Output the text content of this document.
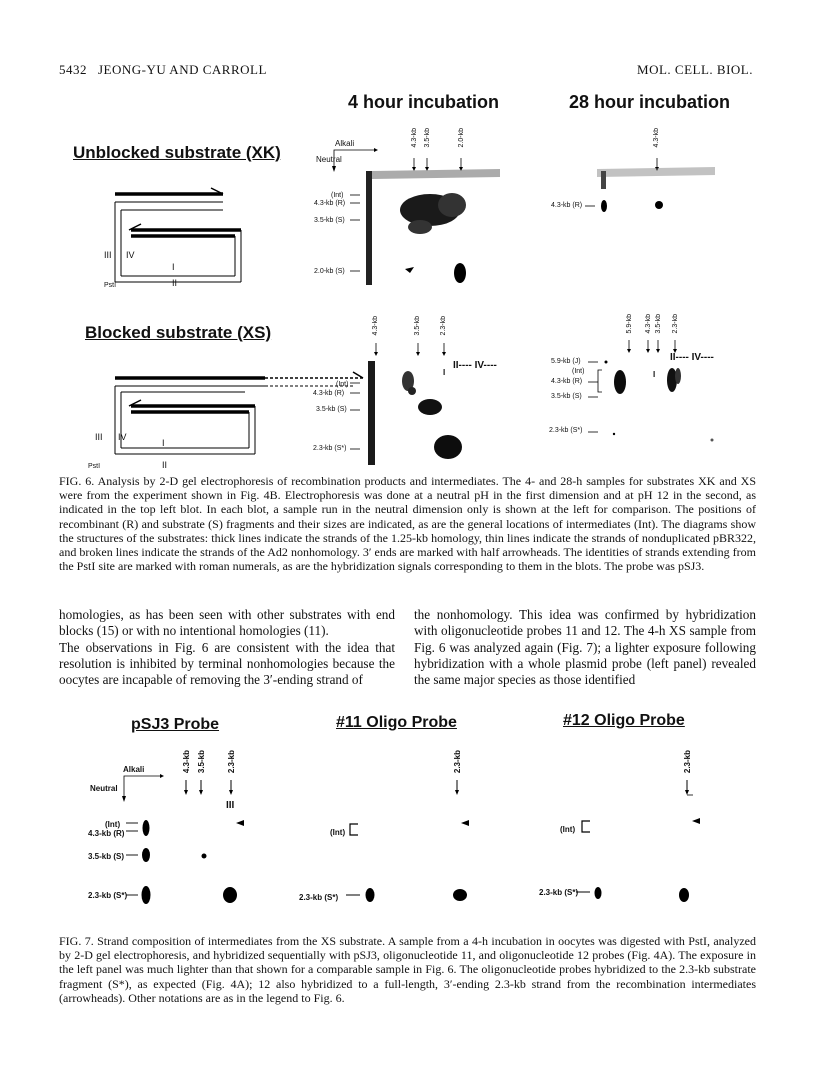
5432 JEONG-YU AND CARROLL	MOL. CELL. BIOL.
4 hour incubation	28 hour incubation
Unblocked substrate (XK)
Blocked substrate (XS)
III IV
I
II
PstI
III IV
I
II
PstI
Alkali
Neutral
4.3-kb 3.5-kb	2.0-kb
(Int)
4.3-kb (R)
3.5-kb (S)
2.0-kb (S)
4.3-kb
4.3-kb (R)
4.3-kb	3.5-kb	2.3-kb
(Int)
4.3-kb (R)
3.5-kb (S)
2.3-kb (S*)
I
II---- IV----
5.9-kb 4.3-kb 3.5-kb 2.3-kb
5.9-kb (J)
(Int)
4.3-kb (R)
3.5-kb (S)
2.3-kb (S*)
I
II---- IV----
FIG. 6. Analysis by 2-D gel electrophoresis of recombination products and intermediates. The 4- and 28-h samples for substrates XK and XS were from the experiment shown in Fig. 4B. Electrophoresis was done at a neutral pH in the first dimension and at pH 12 in the second, as indicated in the top left blot. In each blot, a sample run in the neutral dimension only is shown at the left for comparison. The positions of recombinant (R) and substrate (S) fragments and their sizes are indicated, as are the general locations of intermediates (Int). The diagrams show the structures of the substrates: thick lines indicate the strands of the 1.25-kb homology, thin lines indicate the strands of nonduplicated pBR322, and broken lines indicate the strands of the Ad2 nonhomology. 3′ ends are marked with half arrowheads. The identities of strands extending from the PstI site are marked with roman numerals, as are the hybridization signals corresponding to them in the blots. The probe was pSJ3.
homologies, as has been seen with other substrates with end blocks (15) or with no intentional homologies (11).
The observations in Fig. 6 are consistent with the idea that resolution is inhibited by terminal nonhomologies because the oocytes are incapable of removing the 3′-ending strand of
the nonhomology. This idea was confirmed by hybridization with oligonucleotide probes 11 and 12. The 4-h XS sample from Fig. 6 was analyzed again (Fig. 7); a lighter exposure following hybridization with a whole plasmid probe (left panel) revealed the same major species as those identified
pSJ3 Probe	#11 Oligo Probe	#12 Oligo Probe
Alkali
Neutral
4.3-kb 3.5-kb	2.3-kb
III
(Int)
4.3-kb (R)
3.5-kb (S)
2.3-kb (S*)
2.3-kb
(Int)
2.3-kb (S*)
2.3-kb
(Int)
2.3-kb (S*)
FIG. 7. Strand composition of intermediates from the XS substrate. A sample from a 4-h incubation in oocytes was digested with PstI, analyzed by 2-D gel electrophoresis, and hybridized sequentially with pSJ3, oligonucleotide 11, and oligonucleotide 12 probes (Fig. 4A). The exposure in the left panel was much lighter than that shown for a comparable sample in Fig. 6. The oligonucleotide probes hybridized to the 2.3-kb substrate fragment (S*), as expected (Fig. 4A); 12 also hybridized to a full-length, 3′-ending 2.3-kb strand from the recombination intermediates (arrowheads). Other notations are as in the legend to Fig. 6.
